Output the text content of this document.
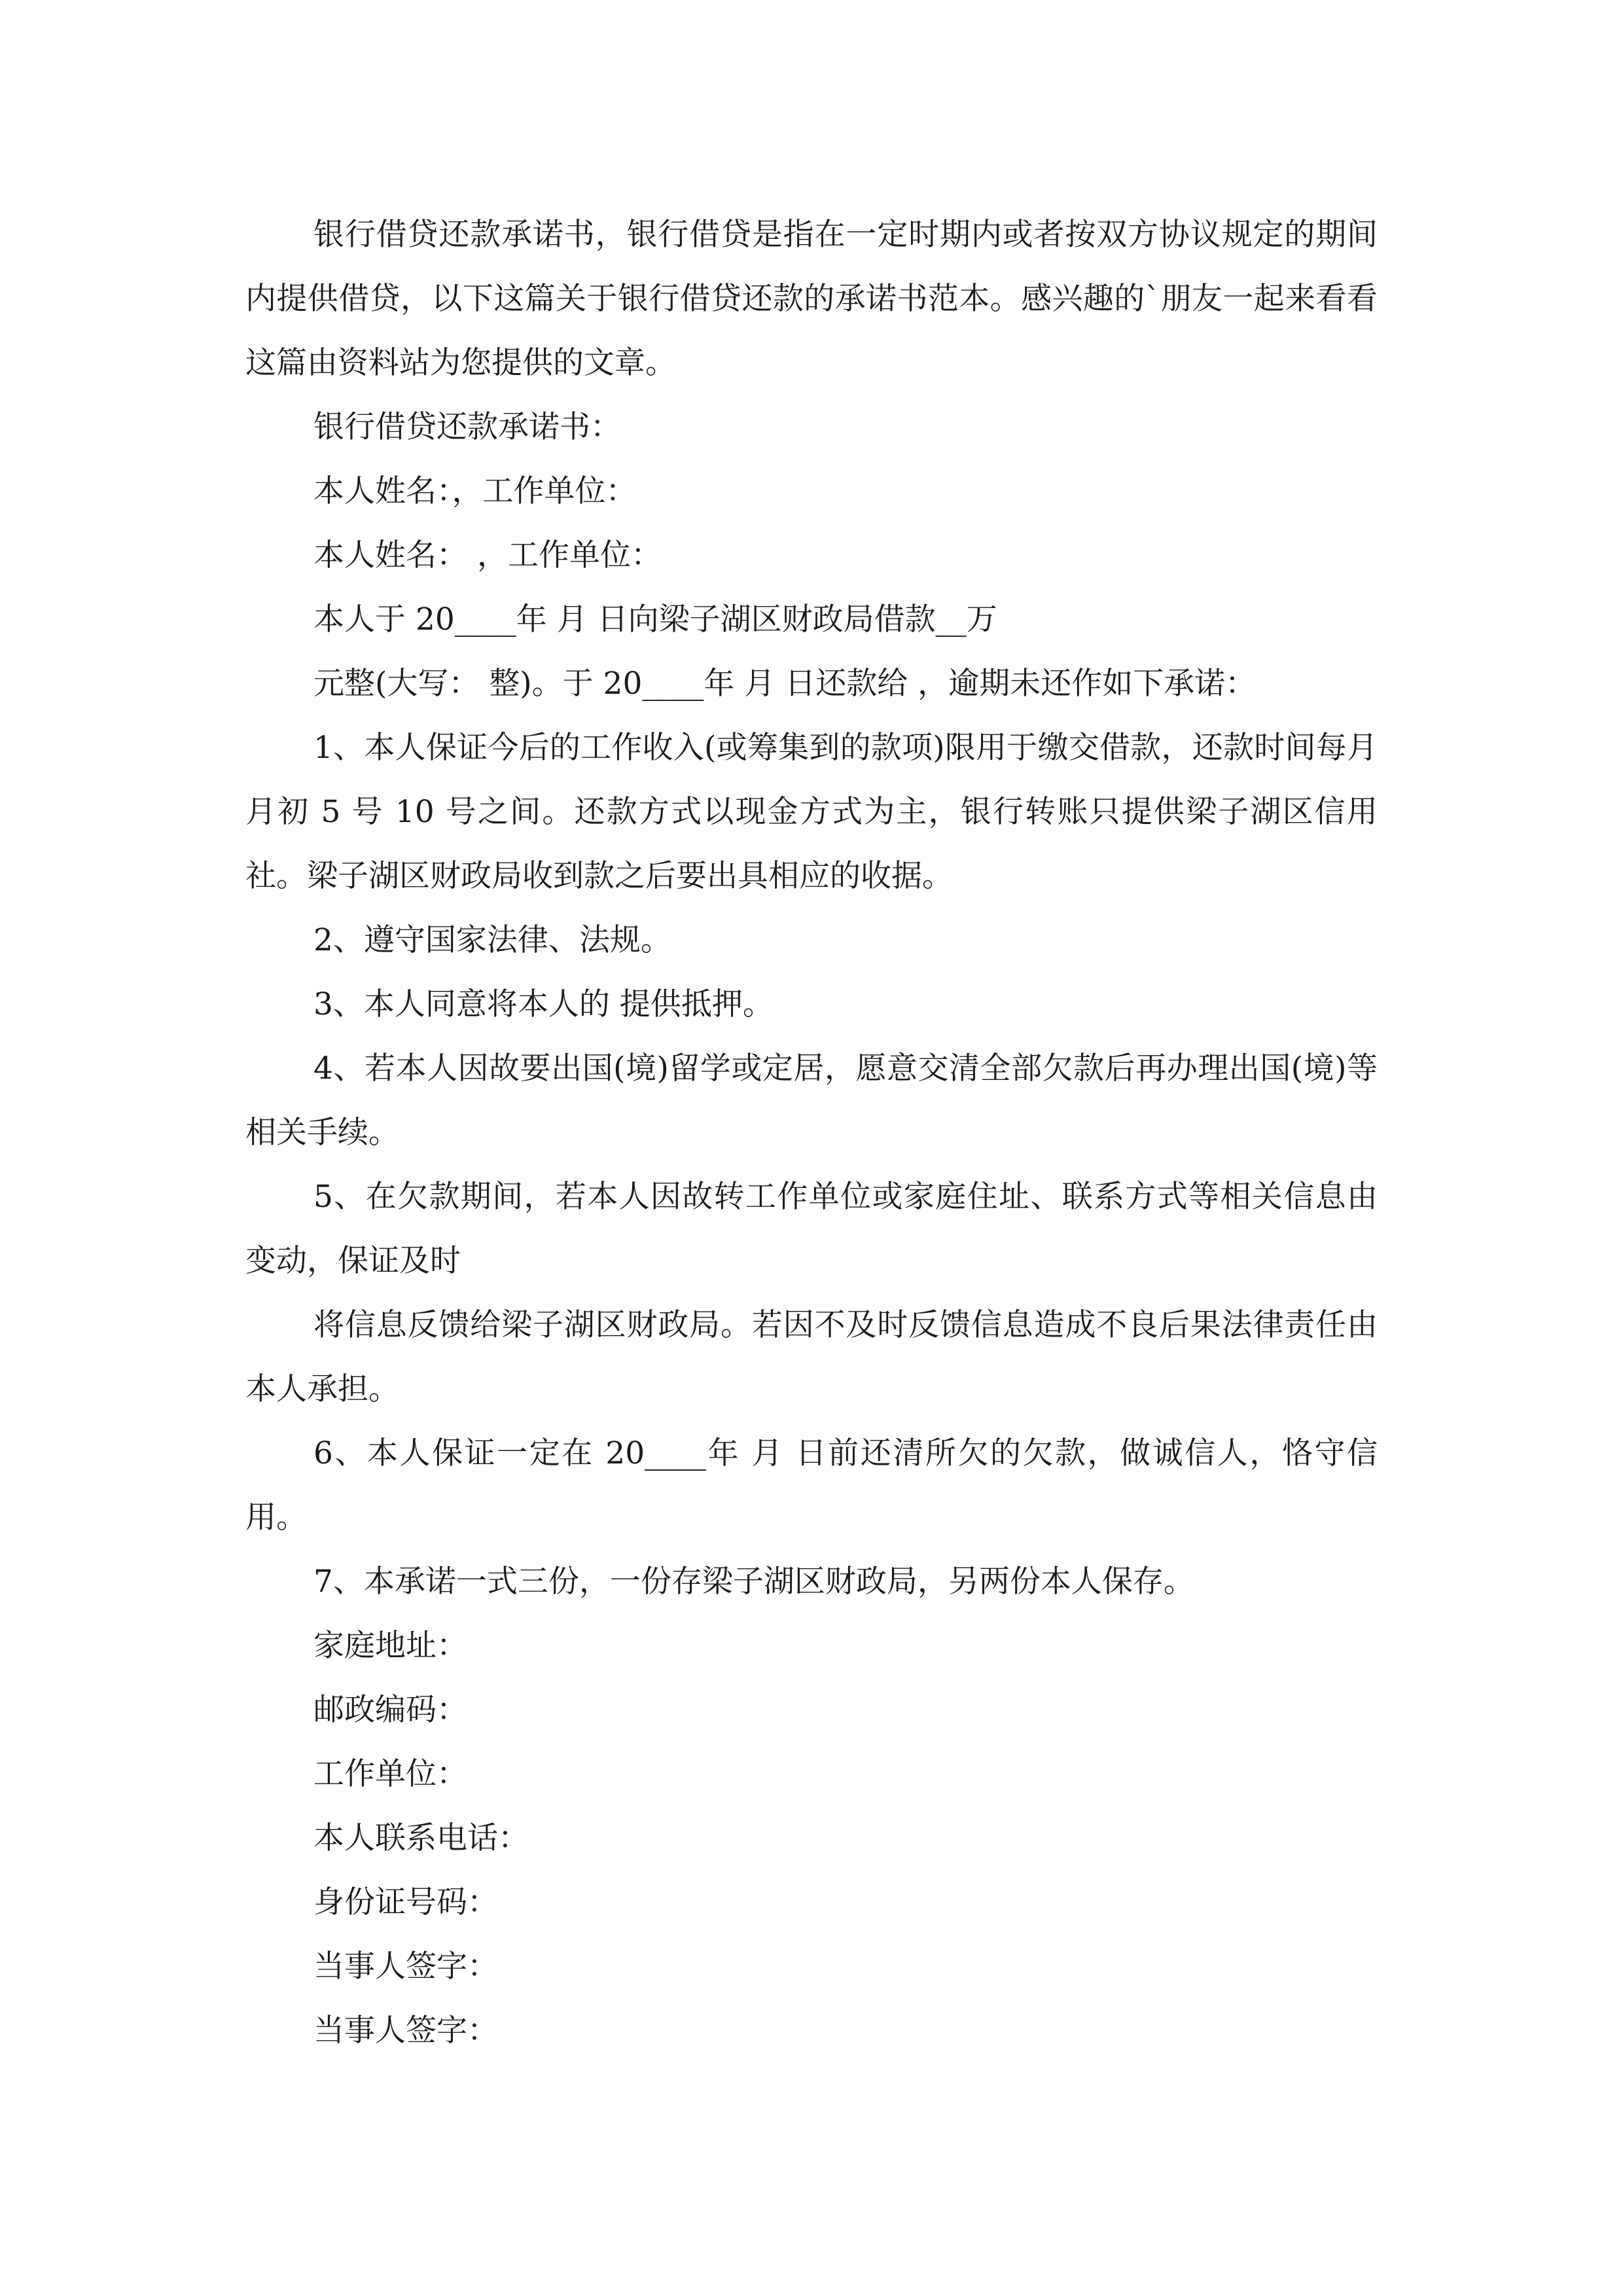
银行借贷还款承诺书，银行借贷是指在一定时期内或者按双方协议规定的期间内提供借贷，以下这篇关于银行借贷还款的承诺书范本。感兴趣的`朋友一起来看看这篇由资料站为您提供的文章。

银行借贷还款承诺书：
本人姓名：，工作单位：
本人姓名： ，工作单位：
本人于 20____年 月 日向梁子湖区财政局借款__万
元整(大写： 整)。于 20____年 月 日还款给 ，逾期未还作如下承诺：

1、本人保证今后的工作收入(或筹集到的款项)限用于缴交借款，还款时间每月月初 5 号 10 号之间。还款方式以现金方式为主，银行转账只提供梁子湖区信用社。梁子湖区财政局收到款之后要出具相应的收据。

2、遵守国家法律、法规。
3、本人同意将本人的 提供抵押。

4、若本人因故要出国(境)留学或定居，愿意交清全部欠款后再办理出国(境)等相关手续。

5、在欠款期间，若本人因故转工作单位或家庭住址、联系方式等相关信息由变动，保证及时

将信息反馈给梁子湖区财政局。若因不及时反馈信息造成不良后果法律责任由本人承担。

6、本人保证一定在 20____年 月 日前还清所欠的欠款，做诚信人，恪守信用。

7、本承诺一式三份，一份存梁子湖区财政局，另两份本人保存。
家庭地址：
邮政编码：
工作单位：
本人联系电话：
身份证号码：
当事人签字：
当事人签字：
